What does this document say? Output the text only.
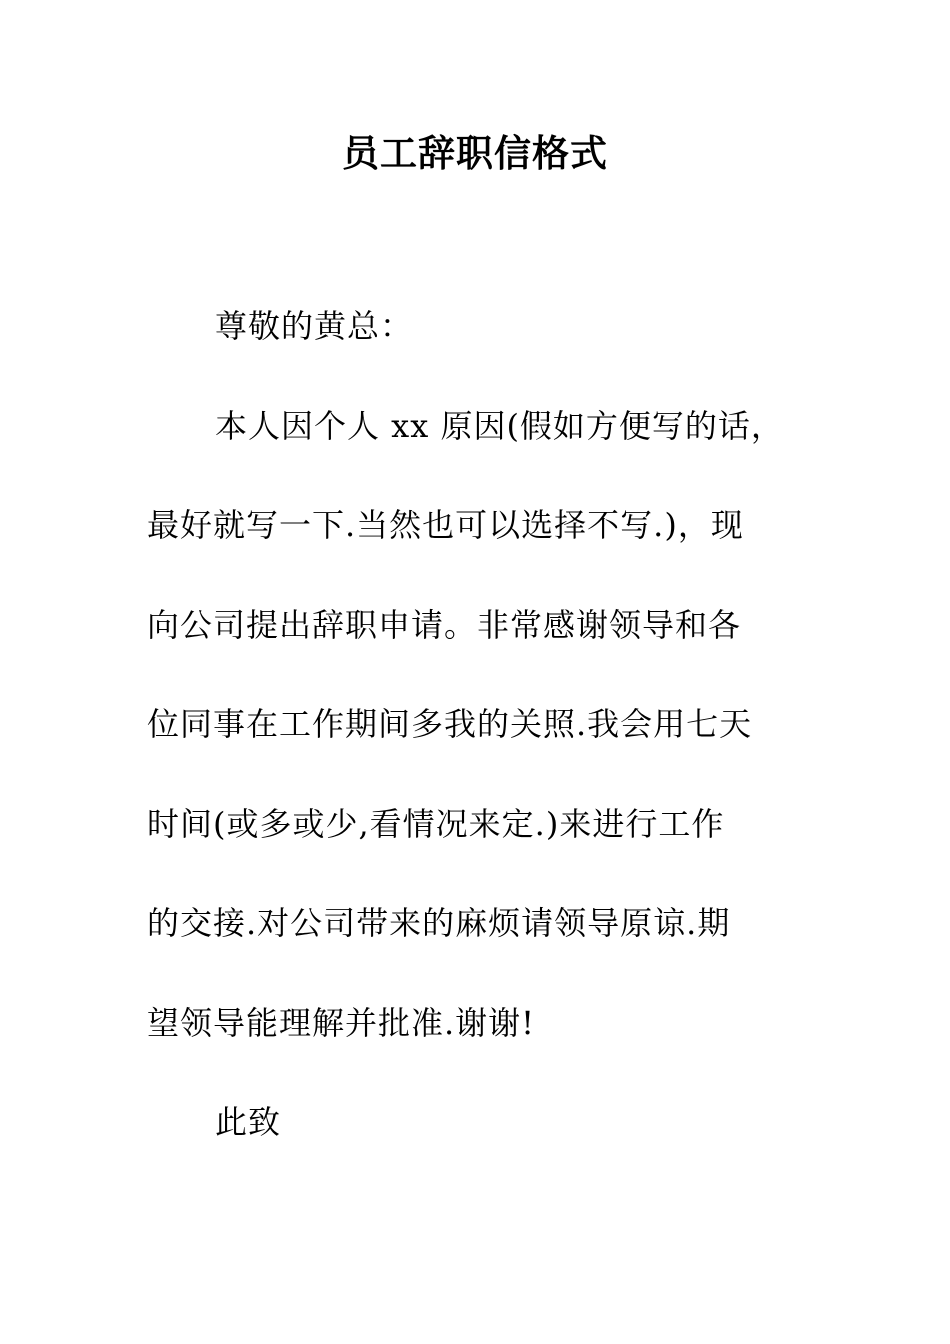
员工辞职信格式
尊敬的黄总：
本人因个人 xx 原因(假如方便写的话，
最好就写一下.当然也可以选择不写.)，现
向公司提出辞职申请。非常感谢领导和各
位同事在工作期间多我的关照.我会用七天
时间(或多或少,看情况来定.)来进行工作
的交接.对公司带来的麻烦请领导原谅.期
望领导能理解并批准.谢谢!
此致
